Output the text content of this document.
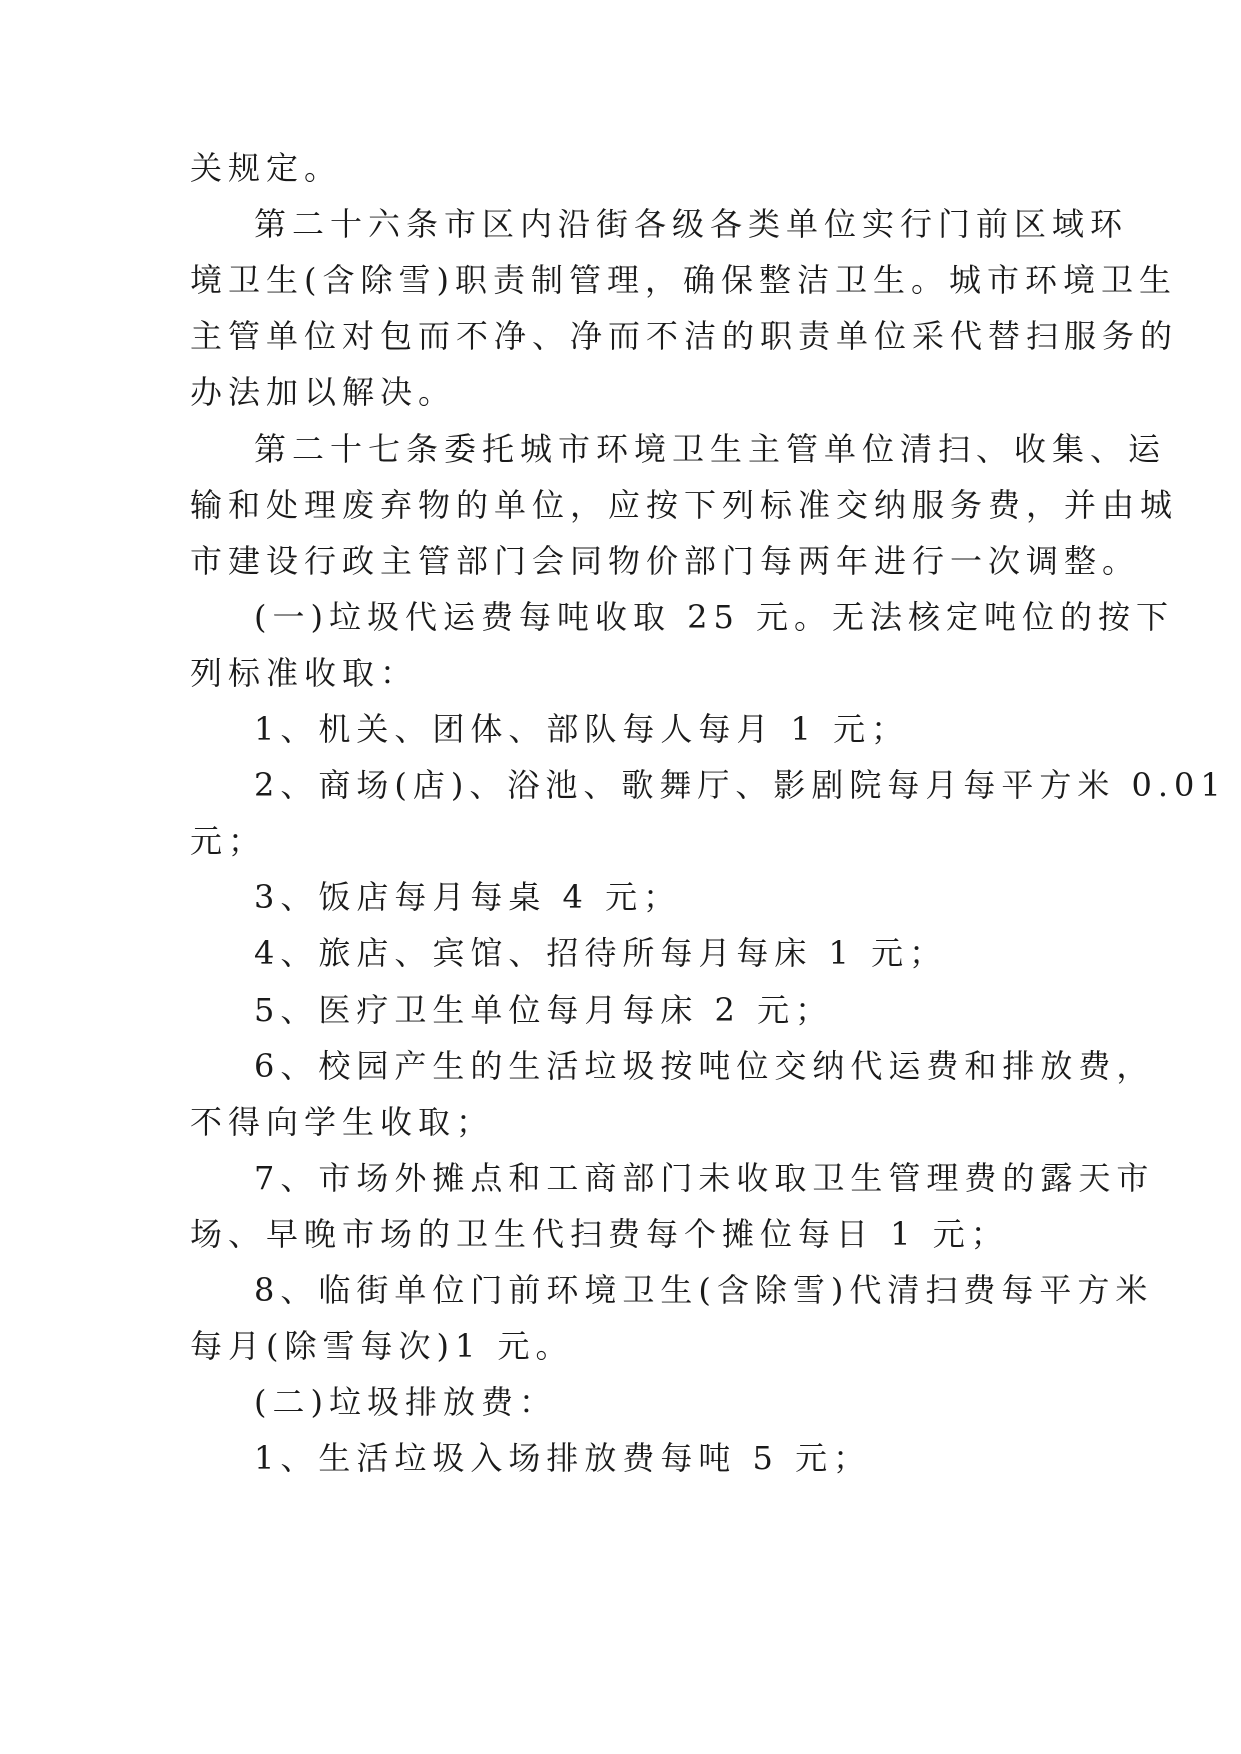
关规定。
第二十六条市区内沿街各级各类单位实行门前区域环
境卫生(含除雪)职责制管理，确保整洁卫生。城市环境卫生
主管单位对包而不净、净而不洁的职责单位采代替扫服务的
办法加以解决。
第二十七条委托城市环境卫生主管单位清扫、收集、运
输和处理废弃物的单位，应按下列标准交纳服务费，并由城
市建设行政主管部门会同物价部门每两年进行一次调整。
(一)垃圾代运费每吨收取 25 元。无法核定吨位的按下
列标准收取：
1、机关、团体、部队每人每月 1 元；
2、商场(店)、浴池、歌舞厅、影剧院每月每平方米 0.01
元；
3、饭店每月每桌 4 元；
4、旅店、宾馆、招待所每月每床 1 元；
5、医疗卫生单位每月每床 2 元；
6、校园产生的生活垃圾按吨位交纳代运费和排放费，
不得向学生收取；
7、市场外摊点和工商部门未收取卫生管理费的露天市
场、早晚市场的卫生代扫费每个摊位每日 1 元；
8、临街单位门前环境卫生(含除雪)代清扫费每平方米
每月(除雪每次)1 元。
(二)垃圾排放费：
1、生活垃圾入场排放费每吨 5 元；
